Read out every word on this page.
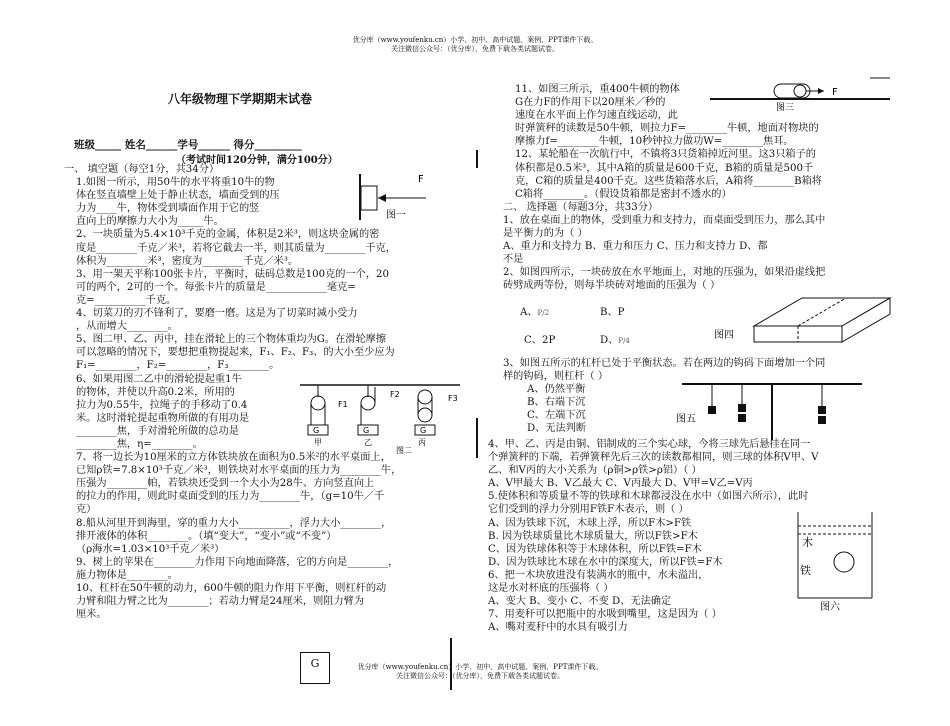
优分库（www.youfenku.cn）小学、初中、高中试题、案例、PPT课件下载。
关注微信公众号：（优分库），免费下载各类试题试卷。
八年级物理下学期期末试卷
班级_____ 姓名______学号______ 得分_________
（考试时间120分钟，满分100分）

一、 填空题（每空1分，共34分）

1.如图一所示，用50牛的水平将重10牛的物

体在竖直墙壁上处于静止状态，墙面受到的压

力为____牛，物体受到墙面作用于它的竖

直向上的摩擦力大小为_____牛。

2、一块质量为5.4×10³千克的金属，体积是2米³，则这块金属的密

度是________千克／米³，若将它截去一半，则其质量为________千克，

体积为________米³，密度为________千克／米³。

3、用一架天平称100张卡片，平衡时，砝码总数是100克的一个，20

可的两个，2可的一个。每张卡片的质量是____________毫克=

克=__________千克。

4、切菜刀的刃不锋利了，要磨一磨。这是为了切菜时减小受力

，从而增大________。

5、图二甲、乙、丙中，挂在滑轮上的三个物体重均为G。在滑轮摩擦

可以忽略的情况下，要想把重物提起来，F₁、F₂、F₃、的大小至少应为

F₁=________，F₂=________，F₃________。

6、如果用图二乙中的滑轮提起重1牛

的物体，并使以升高0.2米，所用的

拉力为0.55牛，拉绳子的手移动了0.4

米。这时滑轮提起重物所做的有用功是

________焦，手对滑轮所做的总功是

________焦，η=________。

7、将一边长为10厘米的立方体铁块放在面积为0.5米²的水平桌面上，

已知ρ铁=7.8×10³千克／米³，则铁块对水平桌面的压力为________牛，

压强为________帕，若铁块还受到一个大小为28牛、方向竖直向上

的拉力的作用，则此时桌面受到的压力为________牛，（g=10牛／千

克）

8.船从河里开到海里，穿的重力大小__________，浮力大小________，

排开液体的体积________。（填“变大”，“变小”或“不变”）

（ρ海水=1.03×10³千克／米³）

9、树上的苹果在________力作用下向地面降落，它的方向是________，

施力物体是________。

10、杠杆在50牛顿的动力，600牛顿的阻力作用下平衡，则杠杆的动

力臂和阻力臂之比为________；若动力臂是24厘米，则阻力臂为

厘米。

F
图一
G
F1
G
F2
G
F3
甲	乙	丙
图二

11、如图三所示，重400牛顿的物体

G在力F的作用下以20厘米／秒的

速度在水平面上作匀速直线运动，此

时弹簧秤的读数是50牛顿，则拉力F=________牛顿，地面对物块的

摩擦力f=________牛顿，10秒钟拉力做功W=________焦耳。

12、某轮船在一次航行中，不镇将3只货箱掉近河里。这3只箱子的

体积都是0.5米³，其中A箱的质量是600千克，B箱的质量是500千

克，C箱的质量是400千克。这些货箱落水后，A箱将________B箱将

C箱将________。（假设货箱都是密封不透水的）

二、 选择题（每题3分，共33分）

1、放在桌面上的物体，受到重力和支持力，而桌面受到压力，那么其中

是平衡力的为（ ）

A、重力和支持力 B、重力和压力 C、压力和支持力 D、都

不是

2、如图四所示，一块砖放在水平地面上，对地的压强为，如果沿虚线把

砖劈成两等份，则每半块砖对地面的压强为（ ）

A、P/2	B、P
C、2P	D、P/4	图四

3、如图五所示的杠杆已处于平衡状态。若在两边的钩码下面增加一个同

样的钩码，则杠杆（ ）

A、仍然平衡

B、右端下沉

C、左端下沉

D、无法判断

图五

4、甲、乙、丙是由铜、铝制成的三个实心球，今将三球先后悬挂在同一

个弹簧秤的下端，若弹簧秤先后三次的读数都相同，则三球的体积V甲、V

乙、和V丙的大小关系为（ρ铜>ρ铁>ρ铝）（ ）

A、V甲最大 B、V乙最大 C、V丙最大 D、V甲=V乙=V丙

5.使体积和等质量不等的铁球和木球都浸没在水中（如图六所示），此时

它们受到的浮力分别用F铁F木表示，则（ ）

A、因为铁球下沉，木球上浮，所以F木>F铁

B. 因为铁球质量比木球质量大，所以F铁>F木

C、因为铁球体积等于木球体积，所以F铁=F木

D、因为铁球比木球在水中的深度大，所以F铁=F木

6、把一木块放进没有装满水的瓶中，水未溢出，

这是水对杯底的压强将（ ）

A、变大 B、变小 C、不变 D、无法确定

7、用麦秆可以把瓶中的水吸到嘴里，这是因为（ ）

A、嘴对麦秆中的水具有吸引力

F
图三
木
铁
图六
G	优分库（www.youfenku.cn）小学、初中、高中试题、案例、PPT课件下载。
关注微信公众号：（优分库），免费下载各类试题试卷。
